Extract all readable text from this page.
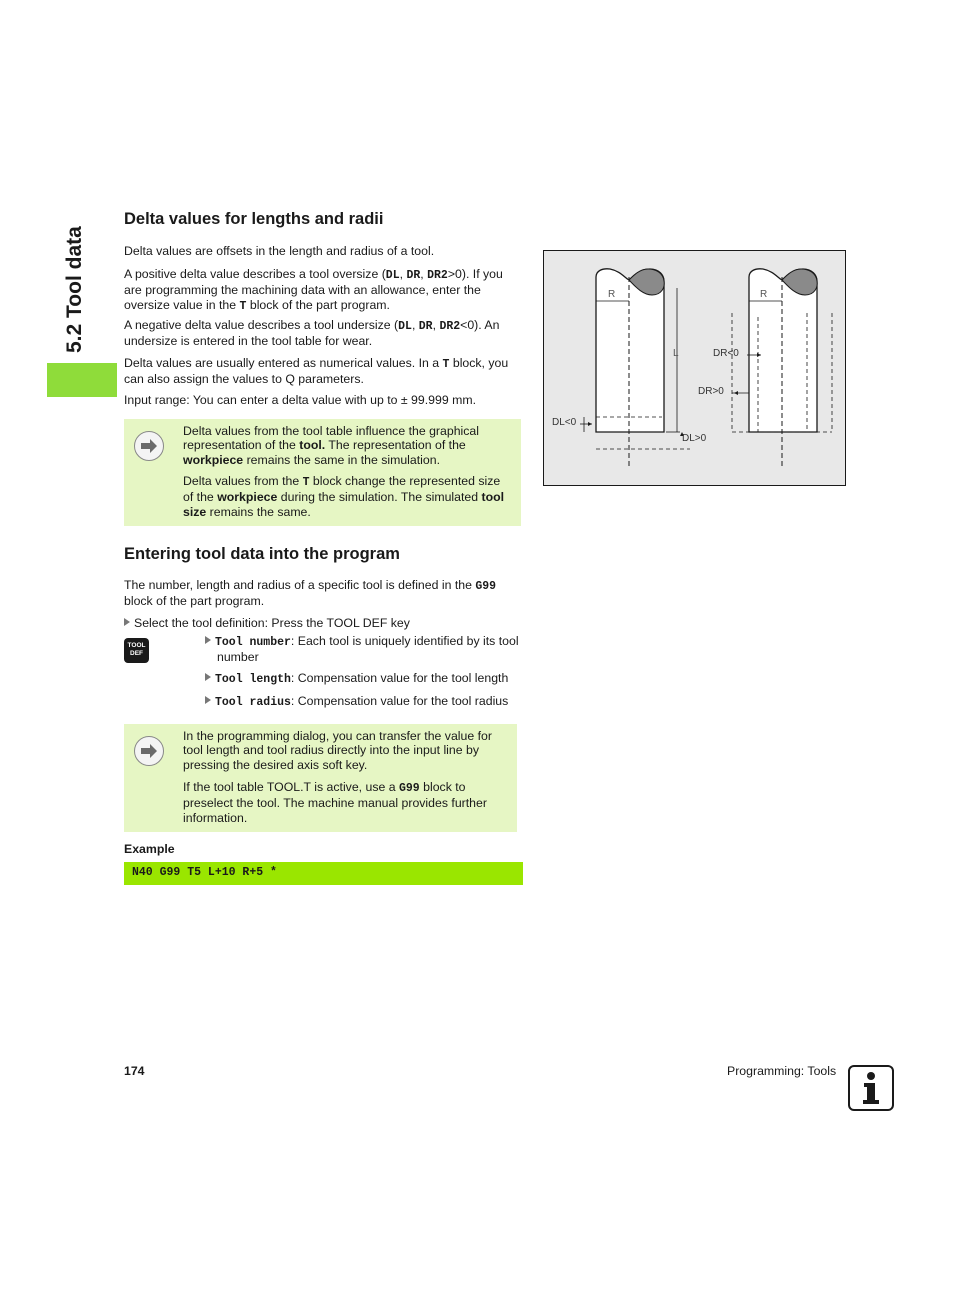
5.2 Tool data
Delta values for lengths and radii

Delta values are offsets in the length and radius of a tool.

A positive delta value describes a tool oversize (DL, DR, DR2>0). If you are programming the machining data with an allowance, enter the oversize value in the T block of the part program.

A negative delta value describes a tool undersize (DL, DR, DR2<0). An undersize is entered in the tool table for wear.

Delta values are usually entered as numerical values. In a T block, you can also assign the values to Q parameters.

Input range: You can enter a delta value with up to ± 99.999 mm.

Delta values from the tool table influence the graphical representation of the tool. The representation of the workpiece remains the same in the simulation.

Delta values from the T block change the represented size of the workpiece during the simulation. The simulated tool size remains the same.

R	R
L
DL<0
DL>0
DR<0
DR>0
Entering tool data into the program

The number, length and radius of a specific tool is defined in the G99 block of the part program.

Select the tool definition: Press the TOOL DEF key

TOOL
DEF

Tool number: Each tool is uniquely identified by its tool number

Tool length: Compensation value for the tool length

Tool radius: Compensation value for the tool radius

In the programming dialog, you can transfer the value for tool length and tool radius directly into the input line by pressing the desired axis soft key.

If the tool table TOOL.T is active, use a G99 block to preselect the tool. The machine manual provides further information.

Example

N40 G99 T5 L+10 R+5 *

174	Programming: Tools
